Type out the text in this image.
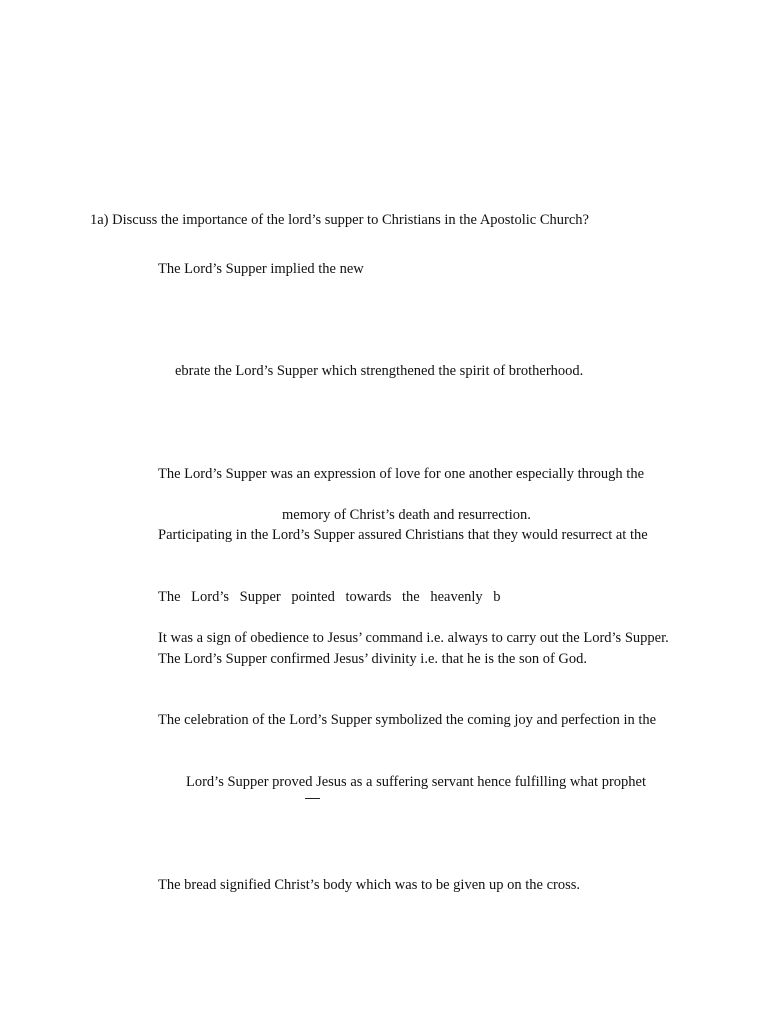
1a) Discuss the importance of the lord’s supper to Christians in the Apostolic Church?
The Lord’s Supper implied the new
ebrate the Lord’s Supper which strengthened the spirit of brotherhood.
The Lord’s Supper was an expression of love for one another especially through the
memory of Christ’s death and resurrection.
Participating in the Lord’s Supper assured Christians that they would resurrect at the
The Lord’s Supper pointed towards the heavenly b
It was a sign of obedience to Jesus’ command i.e. always to carry out the Lord’s Supper.
The Lord’s Supper confirmed Jesus’ divinity i.e. that he is the son of God.
The celebration of the Lord’s Supper symbolized the coming joy and perfection in the
Lord’s Supper proved Jesus as a suffering servant hence fulfilling what prophet
The bread signified Christ’s body which was to be given up on the cross.
